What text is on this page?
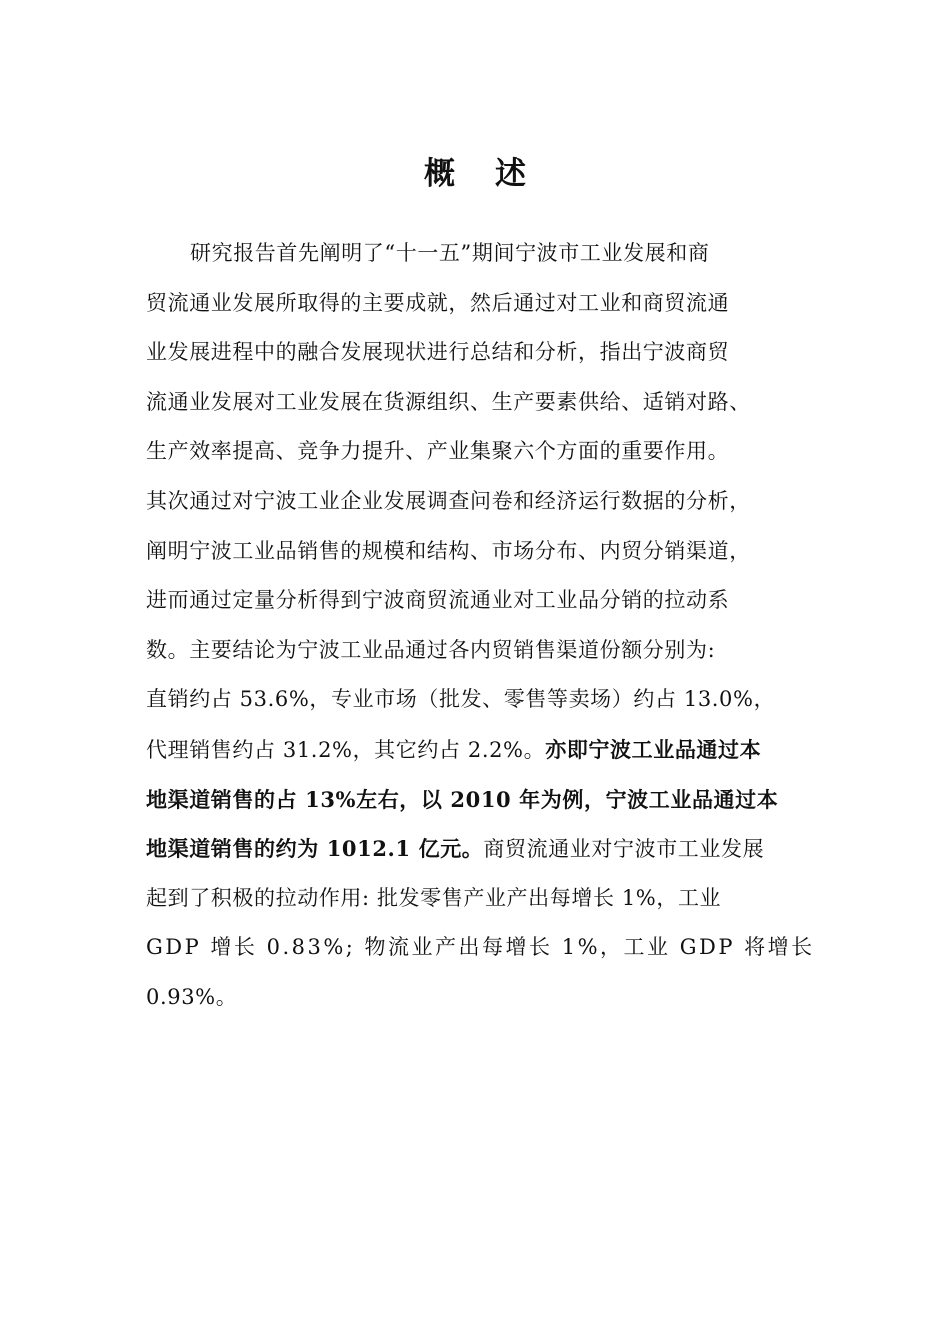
概 述
研究报告首先阐明了“十一五”期间宁波市工业发展和商
贸流通业发展所取得的主要成就，然后通过对工业和商贸流通
业发展进程中的融合发展现状进行总结和分析，指出宁波商贸
流通业发展对工业发展在货源组织、生产要素供给、适销对路、
生产效率提高、竞争力提升、产业集聚六个方面的重要作用。
其次通过对宁波工业企业发展调查问卷和经济运行数据的分析，
阐明宁波工业品销售的规模和结构、市场分布、内贸分销渠道，
进而通过定量分析得到宁波商贸流通业对工业品分销的拉动系
数。主要结论为宁波工业品通过各内贸销售渠道份额分别为:
直销约占 53.6%，专业市场（批发、零售等卖场）约占 13.0%，
代理销售约占 31.2%，其它约占 2.2%。亦即宁波工业品通过本
地渠道销售的占 13%左右，以 2010 年为例，宁波工业品通过本
地渠道销售的约为 1012.1 亿元。商贸流通业对宁波市工业发展
起到了积极的拉动作用: 批发零售产业产出每增长 1%，工业
GDP 增长 0.83%; 物流业产出每增长 1%，工业 GDP 将增长
0.93%。
